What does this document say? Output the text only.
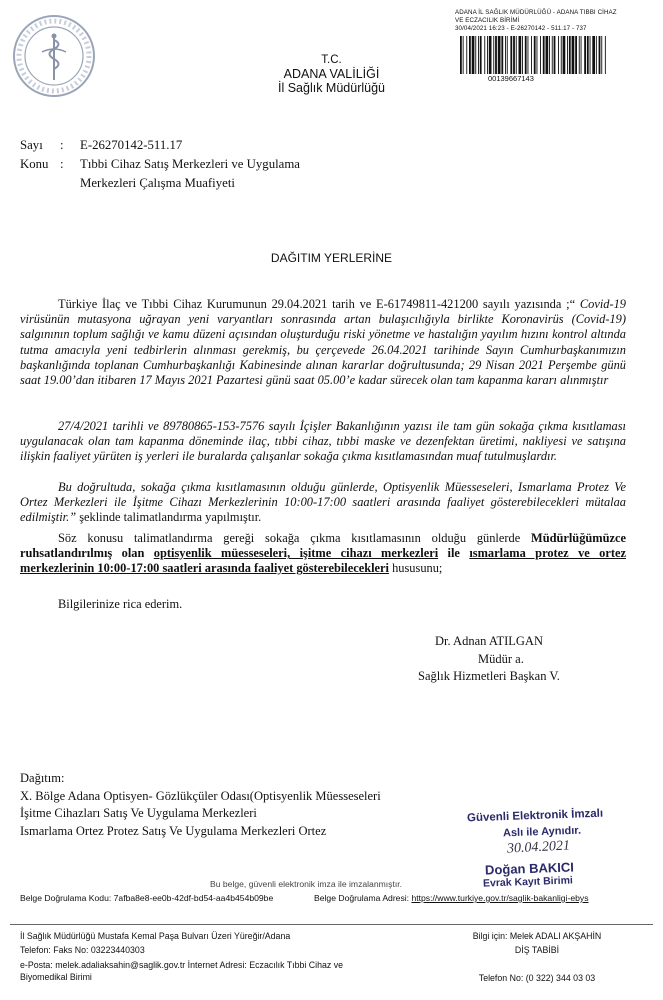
ADANA İL SAĞLIK MÜDÜRLÜĞÜ - ADANA TIBBI CİHAZ
VE ECZACILIK BİRİMİ
30/04/2021 16:23 - E-26270142 - 511.17 - 737
00139667143
T.C.
ADANA VALİLİĞİ
İl Sağlık Müdürlüğü
Sayı	:	E-26270142-511.17
Konu :	Tıbbi Cihaz Satış Merkezleri ve Uygulama Merkezleri Çalışma Muafiyeti
DAĞITIM YERLERİNE

Türkiye İlaç ve Tıbbi Cihaz Kurumunun 29.04.2021 tarih ve E-61749811-421200 sayılı yazısında ;“ Covid-19 virüsünün mutasyona uğrayan yeni varyantları sonrasında artan bulaşıcılığıyla birlikte Koronavirüs (Covid-19) salgınının toplum sağlığı ve kamu düzeni açısından oluşturduğu riski yönetme ve hastalığın yayılım hızını kontrol altında tutma amacıyla yeni tedbirlerin alınması gerekmiş, bu çerçevede 26.04.2021 tarihinde Sayın Cumhurbaşkanımızın başkanlığında toplanan Cumhurbaşkanlığı Kabinesinde alınan kararlar doğrultusunda; 29 Nisan 2021 Perşembe günü saat 19.00’dan itibaren 17 Mayıs 2021 Pazartesi günü saat 05.00’e kadar sürecek olan tam kapanma kararı alınmıştır

27/4/2021 tarihli ve 89780865-153-7576 sayılı İçişler Bakanlığının yazısı ile tam gün sokağa çıkma kısıtlaması uygulanacak olan tam kapanma döneminde ilaç, tıbbi cihaz, tıbbi maske ve dezenfektan üretimi, nakliyesi ve satışına ilişkin faaliyet yürüten iş yerleri ile buralarda çalışanlar sokağa çıkma kısıtlamasından muaf tutulmuşlardır.

Bu doğrultuda, sokağa çıkma kısıtlamasının olduğu günlerde, Optisyenlik Müesseseleri, Ismarlama Protez Ve Ortez Merkezleri ile İşitme Cihazı Merkezlerinin 10:00-17:00 saatleri arasında faaliyet gösterebilecekleri mütalaa edilmiştir.” şeklinde talimatlandırma yapılmıştır.

Söz konusu talimatlandırma gereği sokağa çıkma kısıtlamasının olduğu günlerde Müdürlüğümüzce ruhsatlandırılmış olan optisyenlik müesseseleri, işitme cihazı merkezleri ile ısmarlama protez ve ortez merkezlerinin 10:00-17:00 saatleri arasında faaliyet gösterebilecekleri hususunu;

Bilgilerinize rica ederim.
Dr. Adnan ATILGAN
Müdür a.
Sağlık Hizmetleri Başkan V.
Dağıtım:
X. Bölge Adana Optisyen- Gözlükçüler Odası(Optisyenlik Müesseseleri
İşitme Cihazları Satış Ve Uygulama Merkezleri
Ismarlama Ortez Protez Satış Ve Uygulama Merkezleri Ortez
Güvenli Elektronik İmzalı
Aslı ile Aynıdır.
30.04.2021
Doğan BAKICI
Evrak Kayıt Birimi
Bu belge, güvenli elektronik imza ile imzalanmıştır.
Belge Doğrulama Kodu: 7afba8e8-ee0b-42df-bd54-aa4b454b09be	Belge Doğrulama Adresi: https://www.turkiye.gov.tr/saglik-bakanligi-ebys
İl Sağlık Müdürlüğü Mustafa Kemal Paşa Bulvarı Üzeri Yüreğir/Adana
Telefon: Faks No: 03223440303
e-Posta: melek.adaliaksahin@saglik.gov.tr İnternet Adresi: Eczacılık Tıbbi Cihaz ve Biyomedikal Birimi
Bilgi için: Melek ADALI AKŞAHİN
DİŞ TABİBİ
Telefon No: (0 322) 344 03 03
